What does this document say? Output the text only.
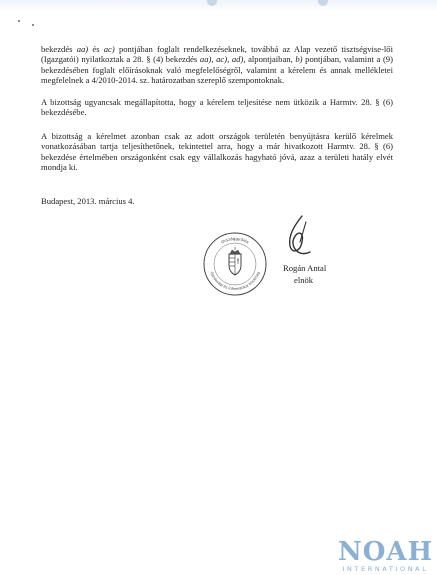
bekezdés aa) és ac) pontjában foglalt rendelkezéseknek, továbbá az Alap vezető tisztségvise-lői (Igazgatói) nyilatkoztak a 28. § (4) bekezdés aa), ac), ad), alpontjaiban, b) pontjában, valamint a (9) bekezdésében foglalt előírásoknak való megfelelőségről, valamint a kérelem és annak mellékletei megfelelnek a 4/2010-2014. sz. határozatban szereplő szempontoknak.

A bizottság ugyancsak megállapította, hogy a kérelem teljesítése nem ütközik a Harmtv. 28. § (6) bekezdésébe.

A bizottság a kérelmet azonban csak az adott országok területén benyújtásra kerülő kérelmek vonatkozásában tartja teljesíthetőnek, tekintettel arra, hogy a már hivatkozott Harmtv. 28. § (6) bekezdése értelmében országonként csak egy vállalkozás hagyható jóvá, azaz a területi hatály elvét mondja ki.

Budapest, 2013. március 4.
Országgyűlés
Gazdasági és informatikai bizottság	Rogán Antal
elnök
NOAH
INTERNATIONAL
